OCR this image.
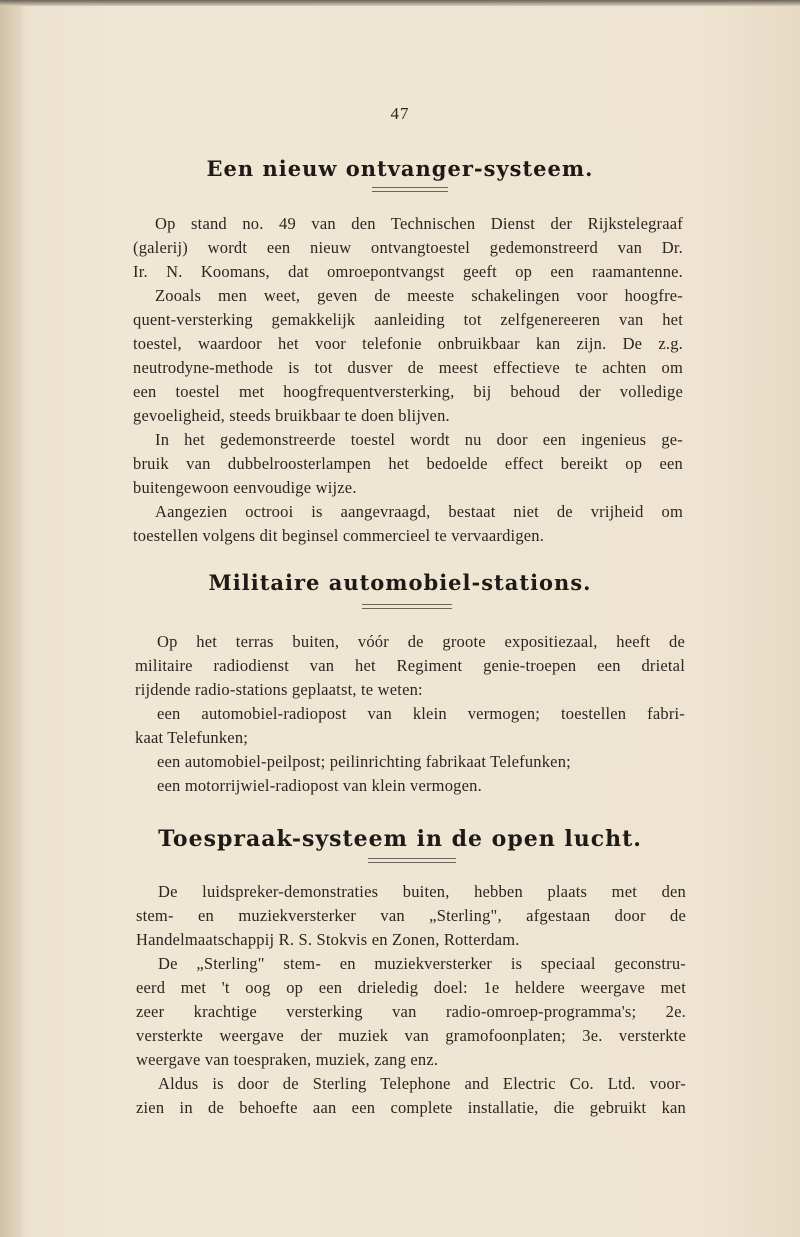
47
Een nieuw ontvanger-systeem.
Op stand no. 49 van den Technischen Dienst der Rijkstelegraaf
(galerij) wordt een nieuw ontvangtoestel gedemonstreerd van Dr.
Ir. N. Koomans, dat omroepontvangst geeft op een raamantenne.
Zooals men weet, geven de meeste schakelingen voor hoogfre-
quent-versterking gemakkelijk aanleiding tot zelfgenereeren van het
toestel, waardoor het voor telefonie onbruikbaar kan zijn. De z.g.
neutrodyne-methode is tot dusver de meest effectieve te achten om
een toestel met hoogfrequentversterking, bij behoud der volledige
gevoeligheid, steeds bruikbaar te doen blijven.
In het gedemonstreerde toestel wordt nu door een ingenieus ge-
bruik van dubbelroosterlampen het bedoelde effect bereikt op een
buitengewoon eenvoudige wijze.
Aangezien octrooi is aangevraagd, bestaat niet de vrijheid om
toestellen volgens dit beginsel commercieel te vervaardigen.
Militaire automobiel-stations.
Op het terras buiten, vóór de groote expositiezaal, heeft de
militaire radiodienst van het Regiment genie-troepen een drietal
rijdende radio-stations geplaatst, te weten:
een automobiel-radiopost van klein vermogen; toestellen fabri-
kaat Telefunken;
een automobiel-peilpost; peilinrichting fabrikaat Telefunken;
een motorrijwiel-radiopost van klein vermogen.
Toespraak-systeem in de open lucht.
De luidspreker-demonstraties buiten, hebben plaats met den
stem- en muziekversterker van „Sterling", afgestaan door de
Handelmaatschappij R. S. Stokvis en Zonen, Rotterdam.
De „Sterling" stem- en muziekversterker is speciaal geconstru-
eerd met 't oog op een drieledig doel: 1e heldere weergave met
zeer krachtige versterking van radio-omroep-programma's; 2e.
versterkte weergave der muziek van gramofoonplaten; 3e. versterkte
weergave van toespraken, muziek, zang enz.
Aldus is door de Sterling Telephone and Electric Co. Ltd. voor-
zien in de behoefte aan een complete installatie, die gebruikt kan
